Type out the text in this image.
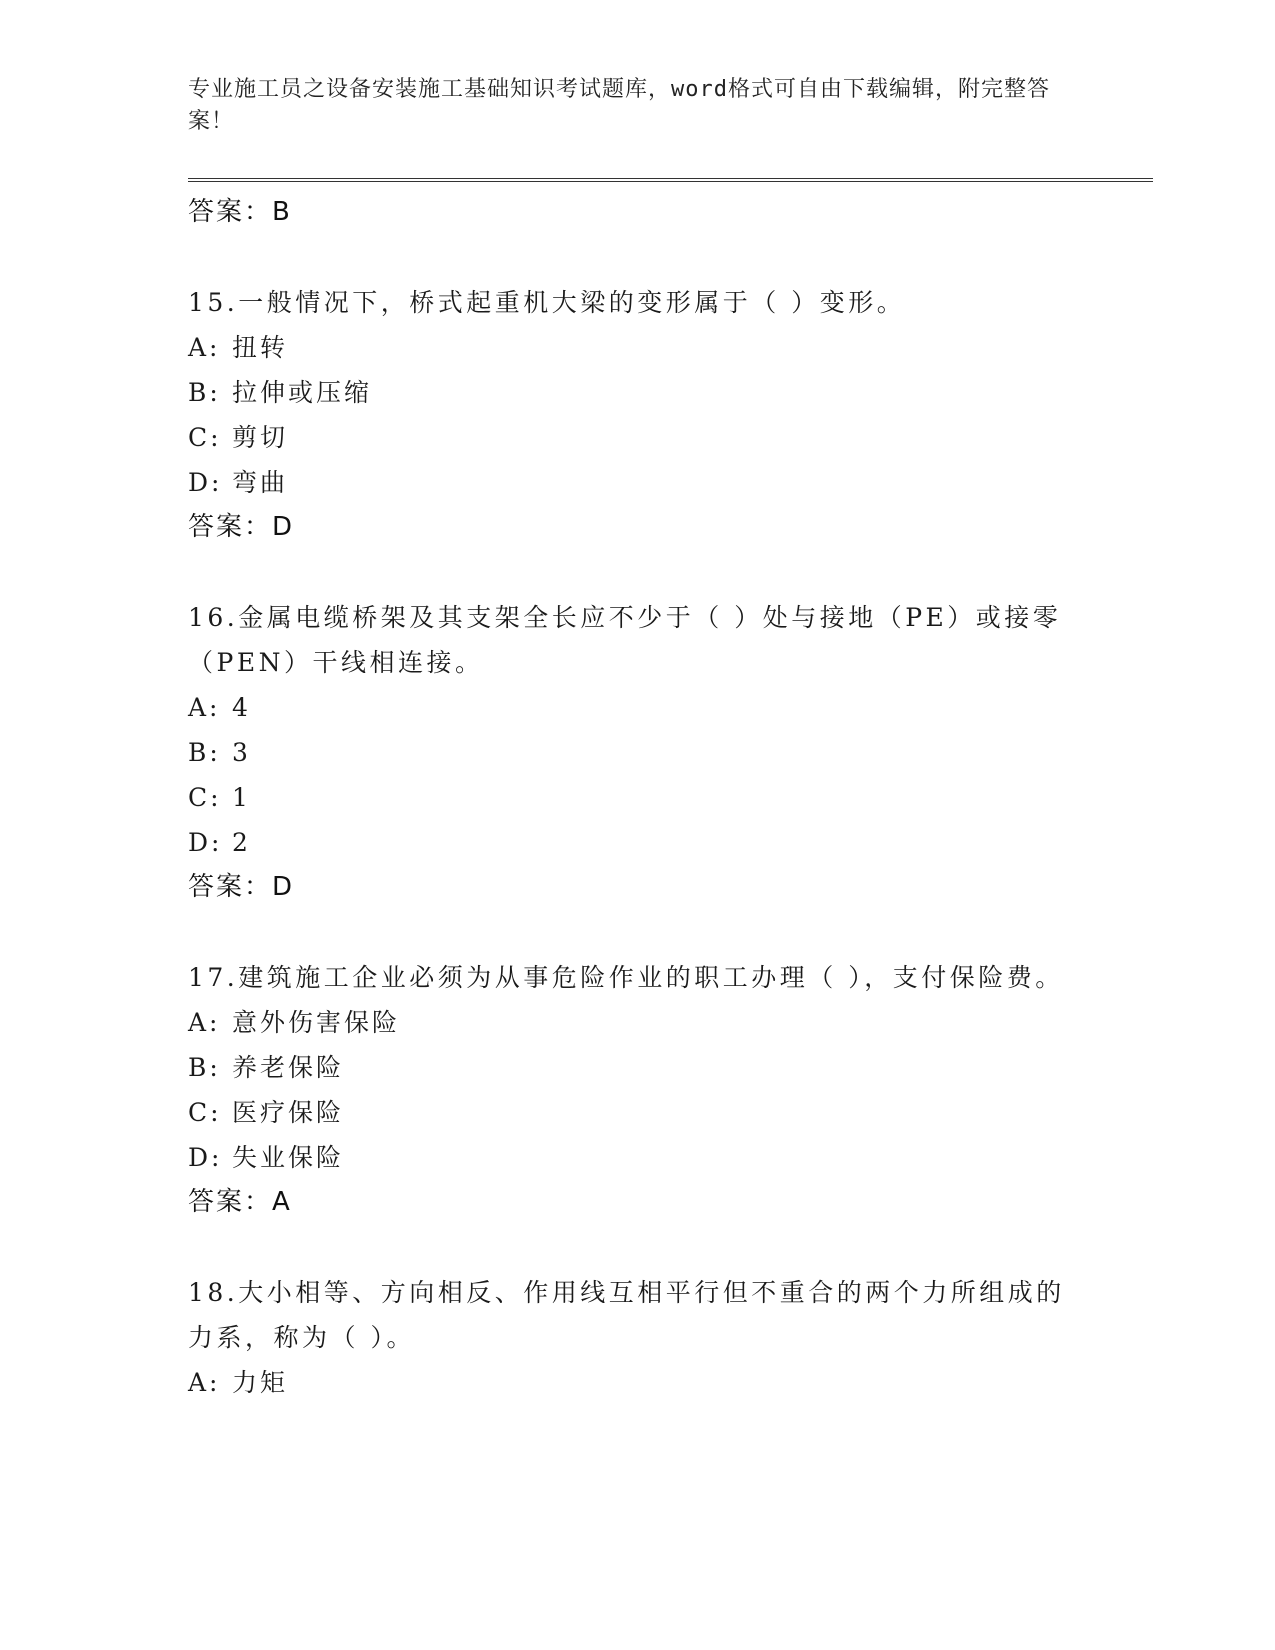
专业施工员之设备安装施工基础知识考试题库，word格式可自由下载编辑，附完整答案！
答案：B
15.一般情况下，桥式起重机大梁的变形属于（ ）变形。
A: 扭转
B: 拉伸或压缩
C: 剪切
D: 弯曲
答案：D
16.金属电缆桥架及其支架全长应不少于（ ）处与接地（PE）或接零（PEN）干线相连接。
A: 4
B: 3
C: 1
D: 2
答案：D
17.建筑施工企业必须为从事危险作业的职工办理（ ），支付保险费。
A: 意外伤害保险
B: 养老保险
C: 医疗保险
D: 失业保险
答案：A
18.大小相等、方向相反、作用线互相平行但不重合的两个力所组成的力系，称为（ ）。
A: 力矩
